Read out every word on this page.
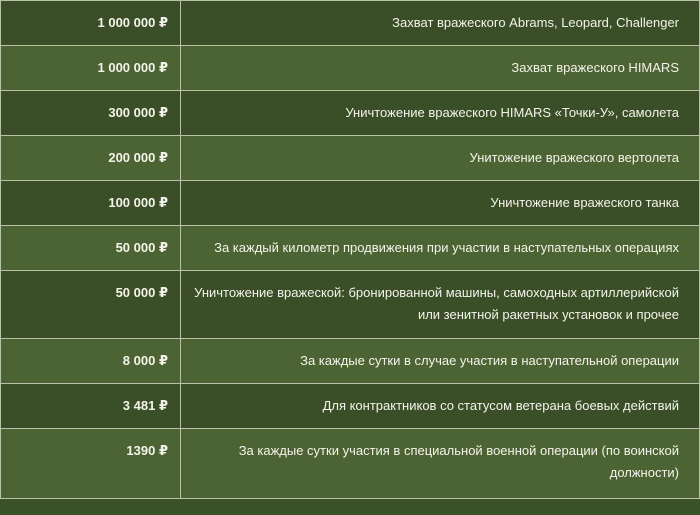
1 000 000 ₽	Захват вражеского Abrams, Leopard, Challenger
1 000 000 ₽	Захват вражеского HIMARS
300 000 ₽	Уничтожение вражеского HIMARS «Точки-У», самолета
200 000 ₽	Унитожение вражеского вертолета
100 000 ₽	Уничтожение вражеского танка
50 000 ₽	За каждый километр продвижения при участии в наступательных операциях
50 000 ₽	Уничтожение вражеской: бронированной машины, самоходных артиллерийской или зенитной ракетных установок и прочее
8 000 ₽	За каждые сутки в случае участия в наступательной операции
3 481 ₽	Для контрактников со статусом ветерана боевых действий
1390 ₽	За каждые сутки участия в специальной военной операции (по воинской должности)
